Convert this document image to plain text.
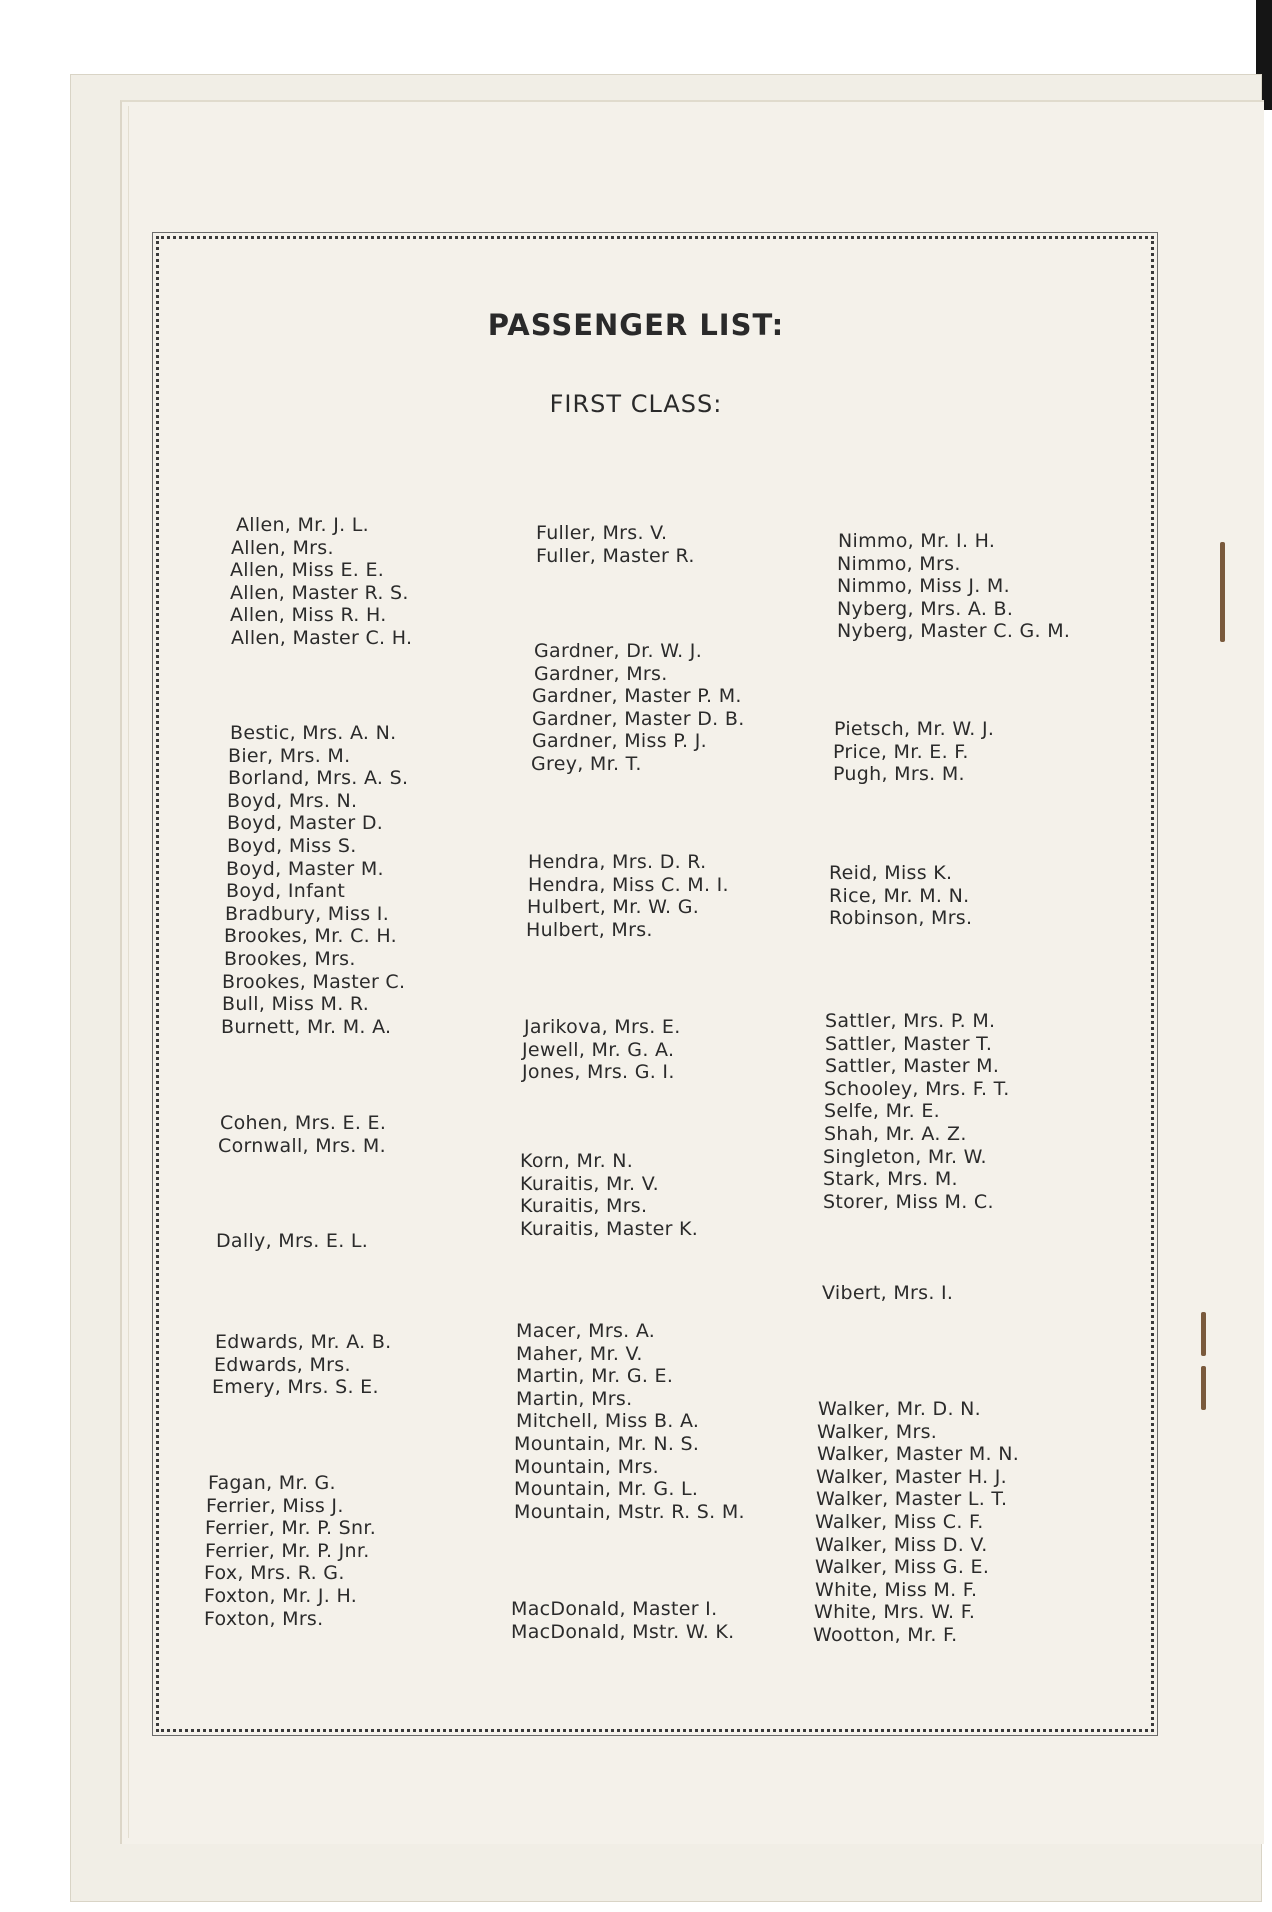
PASSENGER LIST:
FIRST CLASS:
Allen, Mr. J. L.
Allen, Mrs.
Allen, Miss E. E.
Allen, Master R. S.
Allen, Miss R. H.
Allen, Master C. H.
Bestic, Mrs. A. N.
Bier, Mrs. M.
Borland, Mrs. A. S.
Boyd, Mrs. N.
Boyd, Master D.
Boyd, Miss S.
Boyd, Master M.
Boyd, Infant
Bradbury, Miss I.
Brookes, Mr. C. H.
Brookes, Mrs.
Brookes, Master C.
Bull, Miss M. R.
Burnett, Mr. M. A.
Cohen, Mrs. E. E.
Cornwall, Mrs. M.
Dally, Mrs. E. L.
Edwards, Mr. A. B.
Edwards, Mrs.
Emery, Mrs. S. E.
Fagan, Mr. G.
Ferrier, Miss J.
Ferrier, Mr. P. Snr.
Ferrier, Mr. P. Jnr.
Fox, Mrs. R. G.
Foxton, Mr. J. H.
Foxton, Mrs.
Fuller, Mrs. V.
Fuller, Master R.
Gardner, Dr. W. J.
Gardner, Mrs.
Gardner, Master P. M.
Gardner, Master D. B.
Gardner, Miss P. J.
Grey, Mr. T.
Hendra, Mrs. D. R.
Hendra, Miss C. M. I.
Hulbert, Mr. W. G.
Hulbert, Mrs.
Jarikova, Mrs. E.
Jewell, Mr. G. A.
Jones, Mrs. G. I.
Korn, Mr. N.
Kuraitis, Mr. V.
Kuraitis, Mrs.
Kuraitis, Master K.
Macer, Mrs. A.
Maher, Mr. V.
Martin, Mr. G. E.
Martin, Mrs.
Mitchell, Miss B. A.
Mountain, Mr. N. S.
Mountain, Mrs.
Mountain, Mr. G. L.
Mountain, Mstr. R. S. M.
MacDonald, Master I.
MacDonald, Mstr. W. K.
Nimmo, Mr. I. H.
Nimmo, Mrs.
Nimmo, Miss J. M.
Nyberg, Mrs. A. B.
Nyberg, Master C. G. M.
Pietsch, Mr. W. J.
Price, Mr. E. F.
Pugh, Mrs. M.
Reid, Miss K.
Rice, Mr. M. N.
Robinson, Mrs.
Sattler, Mrs. P. M.
Sattler, Master T.
Sattler, Master M.
Schooley, Mrs. F. T.
Selfe, Mr. E.
Shah, Mr. A. Z.
Singleton, Mr. W.
Stark, Mrs. M.
Storer, Miss M. C.
Vibert, Mrs. I.
Walker, Mr. D. N.
Walker, Mrs.
Walker, Master M. N.
Walker, Master H. J.
Walker, Master L. T.
Walker, Miss C. F.
Walker, Miss D. V.
Walker, Miss G. E.
White, Miss M. F.
White, Mrs. W. F.
Wootton, Mr. F.
